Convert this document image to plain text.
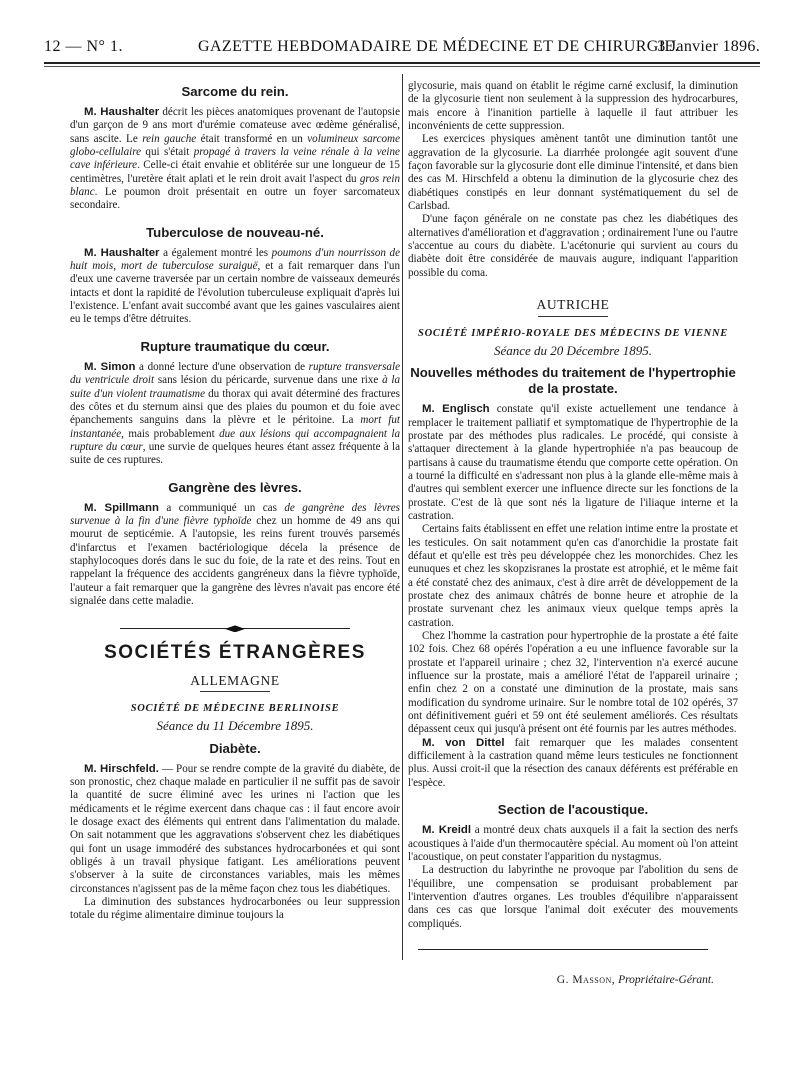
12 — N° 1.	GAZETTE HEBDOMADAIRE DE MÉDECINE ET DE CHIRURGIE.
3 Janvier 1896.
Sarcome du rein.

M. Haushalter décrit les pièces anatomiques provenant de l'autopsie d'un garçon de 9 ans mort d'urémie comateuse avec œdème généralisé, sans ascite. Le rein gauche était transformé en un volumineux sarcome globo-cellulaire qui s'était propagé à travers la veine rénale à la veine cave inférieure. Celle-ci était envahie et oblitérée sur une longueur de 15 centimètres, l'uretère était aplati et le rein droit avait l'aspect du gros rein blanc. Le poumon droit présentait en outre un foyer sarcomateux secondaire.

Tuberculose de nouveau-né.

M. Haushalter a également montré les poumons d'un nourrisson de huit mois, mort de tuberculose suraiguë, et a fait remarquer dans l'un d'eux une caverne traversée par un certain nombre de vaisseaux demeurés intacts et dont la rapidité de l'évolution tuberculeuse expliquait d'après lui l'existence. L'enfant avait succombé avant que les gaines vasculaires aient eu le temps d'être détruites.

Rupture traumatique du cœur.

M. Simon a donné lecture d'une observation de rupture transversale du ventricule droit sans lésion du péricarde, survenue dans une rixe à la suite d'un violent traumatisme du thorax qui avait déterminé des fractures des côtes et du sternum ainsi que des plaies du poumon et du foie avec épanchements sanguins dans la plèvre et le péritoine. La mort fut instantanée, mais probablement due aux lésions qui accompagnaient la rupture du cœur, une survie de quelques heures étant assez fréquente à la suite de ces ruptures.

Gangrène des lèvres.

M. Spillmann a communiqué un cas de gangrène des lèvres survenue à la fin d'une fièvre typhoïde chez un homme de 49 ans qui mourut de septicémie. A l'autopsie, les reins furent trouvés parsemés d'infarctus et l'examen bactériologique décela la présence de staphylocoques dorés dans le suc du foie, de la rate et des reins. Tout en rappelant la fréquence des accidents gangréneux dans la fièvre typhoïde, l'auteur a fait remarquer que la gangrène des lèvres n'avait pas encore été signalée dans cette maladie.

SOCIÉTÉS ÉTRANGÈRES
ALLEMAGNE
SOCIÉTÉ DE MÉDECINE BERLINOISE
Séance du 11 Décembre 1895.
Diabète.

M. Hirschfeld. — Pour se rendre compte de la gravité du diabète, de son pronostic, chez chaque malade en particulier il ne suffit pas de savoir la quantité de sucre éliminé avec les urines ni l'action que les médicaments et le régime exercent dans chaque cas : il faut encore avoir le dosage exact des éléments qui entrent dans l'alimentation du malade. On sait notamment que les aggravations s'observent chez les diabétiques qui font un usage immodéré des substances hydrocarbonées et qui sont obligés à un travail physique fatigant. Les améliorations peuvent s'observer à la suite de circonstances variables, mais les mêmes circonstances n'agissent pas de la même façon chez tous les diabétiques.

La diminution des substances hydrocarbonées ou leur suppression totale du régime alimentaire diminue toujours la

glycosurie, mais quand on établit le régime carné exclusif, la diminution de la glycosurie tient non seulement à la suppression des hydrocarbures, mais encore à l'inanition partielle à laquelle il faut attribuer les inconvénients de cette suppression.

Les exercices physiques amènent tantôt une diminution tantôt une aggravation de la glycosurie. La diarrhée prolongée agit souvent d'une façon favorable sur la glycosurie dont elle diminue l'intensité, et dans bien des cas M. Hirschfeld a obtenu la diminution de la glycosurie chez des diabétiques constipés en leur donnant systématiquement du sel de Carlsbad.

D'une façon générale on ne constate pas chez les diabétiques des alternatives d'amélioration et d'aggravation ; ordinairement l'une ou l'autre s'accentue au cours du diabète. L'acétonurie qui survient au cours du diabète doit être considérée de mauvais augure, indiquant l'apparition possible du coma.

AUTRICHE
SOCIÉTÉ IMPÉRIO-ROYALE DES MÉDECINS DE VIENNE
Séance du 20 Décembre 1895.
Nouvelles méthodes du traitement de l'hypertrophie de la prostate.

M. Englisch constate qu'il existe actuellement une tendance à remplacer le traitement palliatif et symptomatique de l'hypertrophie de la prostate par des méthodes plus radicales. Le procédé, qui consiste à s'attaquer directement à la glande hypertrophiée n'a pas beaucoup de partisans à cause du traumatisme étendu que comporte cette opération. On a tourné la difficulté en s'adressant non plus à la glande elle-même mais à d'autres qui semblent exercer une influence directe sur les fonctions de la prostate. C'est de là que sont nés la ligature de l'iliaque interne et la castration.

Certains faits établissent en effet une relation intime entre la prostate et les testicules. On sait notamment qu'en cas d'anorchidie la prostate fait défaut et qu'elle est très peu développée chez les monorchides. Chez les eunuques et chez les skopzisranes la prostate est atrophié, et le même fait a été constaté chez des animaux, c'est à dire arrêt de développement de la prostate chez des animaux châtrés de bonne heure et atrophie de la prostate survenant chez les animaux vieux quelque temps après la castration.

Chez l'homme la castration pour hypertrophie de la prostate a été faite 102 fois. Chez 68 opérés l'opération a eu une influence favorable sur la prostate et l'appareil urinaire ; chez 32, l'intervention n'a exercé aucune influence sur la prostate, mais a amélioré l'état de l'appareil urinaire ; enfin chez 2 on a constaté une diminution de la prostate, mais sans modification du syndrome urinaire. Sur le nombre total de 102 opérés, 37 ont définitivement guéri et 59 ont été seulement améliorés. Ces résultats dépassent ceux qui jusqu'à présent ont été fournis par les autres méthodes.

M. von Dittel fait remarquer que les malades consentent difficilement à la castration quand même leurs testicules ne fonctionnent plus. Aussi croit-il que la résection des canaux déférents est préférable en l'espèce.

Section de l'acoustique.

M. Kreidl a montré deux chats auxquels il a fait la section des nerfs acoustiques à l'aide d'un thermocautère spécial. Au moment où l'on atteint l'acoustique, on peut constater l'apparition du nystagmus.

La destruction du labyrinthe ne provoque par l'abolition du sens de l'équilibre, une compensation se produisant probablement par l'intervention d'autres organes. Les troubles d'équilibre n'apparaissent dans ces cas que lorsque l'animal doit exécuter des mouvements compliqués.

G. Masson, Propriétaire-Gérant.
